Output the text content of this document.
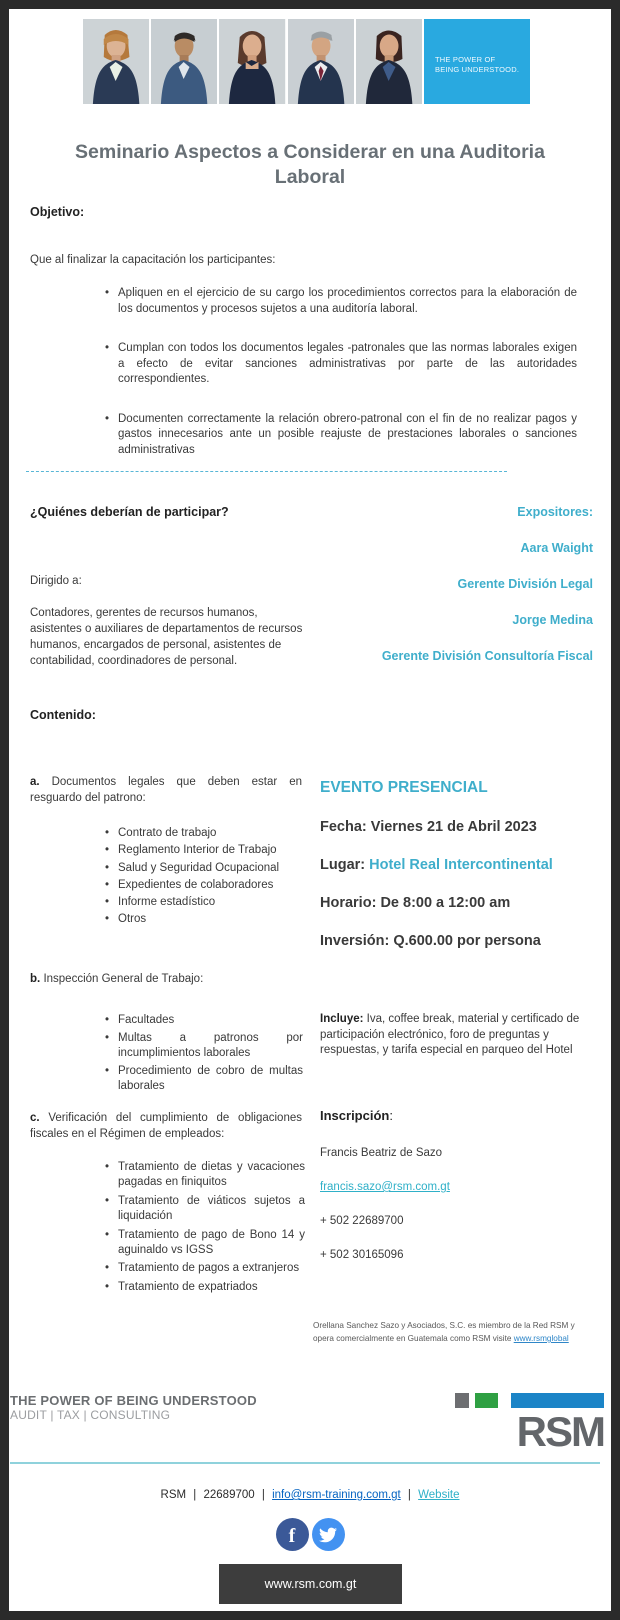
THE POWER OF
BEING UNDERSTOOD.
Seminario Aspectos a Considerar en una Auditoria Laboral
Objetivo:
Que al finalizar la capacitación los participantes:
• Apliquen en el ejercicio de su cargo los procedimientos correctos para la elaboración de los documentos y procesos sujetos a una auditoría laboral.
• Cumplan con todos los documentos legales -patronales que las normas laborales exigen a efecto de evitar sanciones administrativas por parte de las autoridades correspondientes.
• Documenten correctamente la relación obrero-patronal con el fin de no realizar pagos y gastos innecesarios ante un posible reajuste de prestaciones laborales o sanciones administrativas
¿Quiénes deberían de participar?	Expositores:
Aara Waight
Gerente División Legal
Jorge Medina
Gerente División Consultoría Fiscal
Dirigido a:
Contadores, gerentes de recursos humanos, asistentes o auxiliares de departamentos de recursos humanos, encargados de personal, asistentes de contabilidad, coordinadores de personal.
Contenido:
a. Documentos legales que deben estar en resguardo del patrono:
• Contrato de trabajo
• Reglamento Interior de Trabajo
• Salud y Seguridad Ocupacional
• Expedientes de colaboradores
• Informe estadístico
• Otros
EVENTO PRESENCIAL
Fecha: Viernes 21 de Abril 2023
Lugar: Hotel Real Intercontinental
Horario: De 8:00 a 12:00 am
Inversión: Q.600.00 por persona
b. Inspección General de Trabajo:
• Facultades
• Multas a patronos por incumplimientos laborales
• Procedimiento de cobro de multas laborales
Incluye: Iva, coffee break, material y certificado de participación electrónico, foro de preguntas y respuestas, y tarifa especial en parqueo del Hotel
c. Verificación del cumplimiento de obligaciones fiscales en el Régimen de empleados:
• Tratamiento de dietas y vacaciones pagadas en finiquitos
• Tratamiento de viáticos sujetos a liquidación
• Tratamiento de pago de Bono 14 y aguinaldo vs IGSS
• Tratamiento de pagos a extranjeros
• Tratamiento de expatriados
Inscripción:
Francis Beatriz de Sazo
francis.sazo@rsm.com.gt
+ 502 22689700
+ 502 30165096
Orellana Sanchez Sazo y Asociados, S.C. es miembro de la Red RSM y opera comercialmente en Guatemala como RSM visite www.rsmglobal
THE POWER OF BEING UNDERSTOOD
AUDIT | TAX | CONSULTING	RSM
RSM | 22689700 | info@rsm-training.com.gt | Website
f
www.rsm.com.gt
